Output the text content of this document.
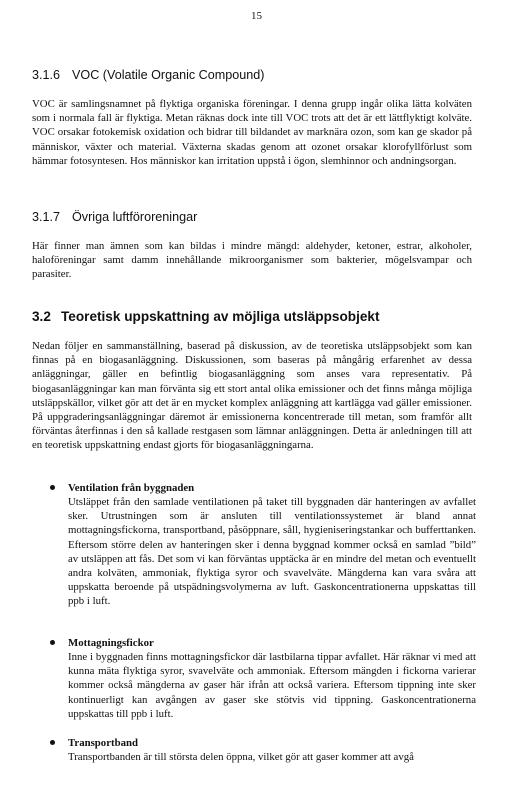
15
3.1.6 VOC (Volatile Organic Compound)

VOC är samlingsnamnet på flyktiga organiska föreningar. I denna grupp ingår olika lätta kolväten som i normala fall är flyktiga. Metan räknas dock inte till VOC trots att det är ett lättflyktigt kolväte. VOC orsakar fotokemisk oxidation och bidrar till bildandet av marknära ozon, som kan ge skador på människor, växter och material. Växterna skadas genom att ozonet orsakar klorofyllförlust som hämmar fotosyntesen. Hos människor kan irritation uppstå i ögon, slemhinnor och andningsorgan.

3.1.7 Övriga luftföroreningar

Här finner man ämnen som kan bildas i mindre mängd: aldehyder, ketoner, estrar, alkoholer, haloföreningar samt damm innehållande mikroorganismer som bakterier, mögelsvampar och parasiter.

3.2 Teoretisk uppskattning av möjliga utsläppsobjekt

Nedan följer en sammanställning, baserad på diskussion, av de teoretiska utsläppsobjekt som kan finnas på en biogasanläggning. Diskussionen, som baseras på mångårig erfarenhet av dessa anläggningar, gäller en befintlig biogasanläggning som anses vara representativ. På biogasanläggningar kan man förvänta sig ett stort antal olika emissioner och det finns många möjliga utsläppskällor, vilket gör att det är en mycket komplex anläggning att kartlägga vad gäller emissioner. På uppgraderingsanläggningar däremot är emissionerna koncentrerade till metan, som framför allt förväntas återfinnas i den så kallade restgasen som lämnar anläggningen. Detta är anledningen till att en teoretisk uppskattning endast gjorts för biogasanläggningarna.

Ventilation från byggnaden

Utsläppet från den samlade ventilationen på taket till byggnaden där hanteringen av avfallet sker. Utrustningen som är ansluten till ventilationssystemet är bland annat mottagningsfickorna, transportband, påsöppnare, såll, hygieniseringstankar och bufferttanken. Eftersom större delen av hanteringen sker i denna byggnad kommer också en samlad ”bild” av utsläppen att fås. Det som vi kan förväntas upptäcka är en mindre del metan och eventuellt andra kolväten, ammoniak, flyktiga syror och svavelväte. Mängderna kan vara svåra att uppskatta beroende på utspädningsvolymerna av luft. Gaskoncentrationerna uppskattas till ppb i luft.

Mottagningsfickor

Inne i byggnaden finns mottagningsfickor där lastbilarna tippar avfallet. Här räknar vi med att kunna mäta flyktiga syror, svavelväte och ammoniak. Eftersom mängden i fickorna varierar kommer också mängderna av gaser här ifrån att också variera. Eftersom tippning inte sker kontinuerligt kan avgången av gaser ske stötvis vid tippning. Gaskoncentrationerna uppskattas till ppb i luft.

Transportband

Transportbanden är till största delen öppna, vilket gör att gaser kommer att avgå
